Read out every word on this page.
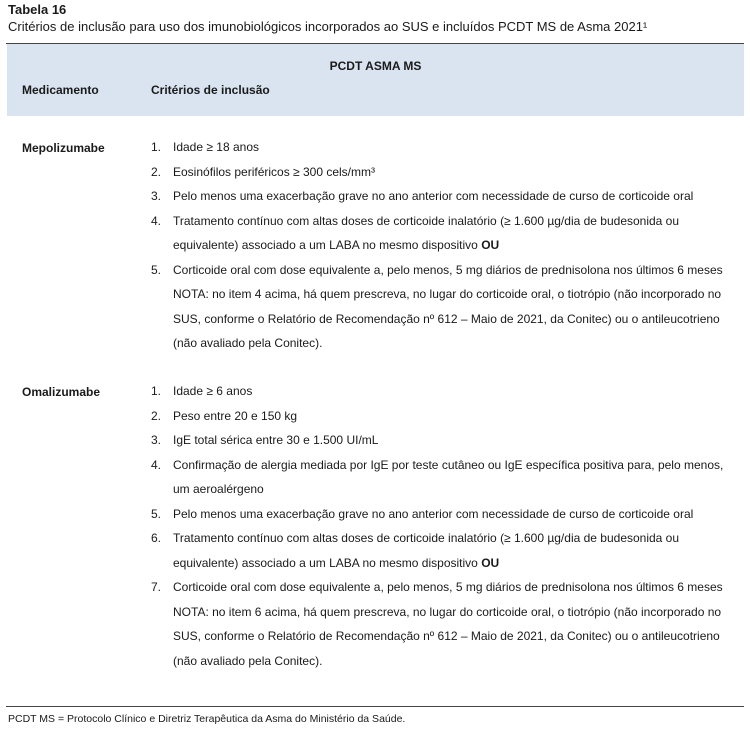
Tabela 16
Critérios de inclusão para uso dos imunobiológicos incorporados ao SUS e incluídos PCDT MS de Asma 2021¹
PCDT ASMA MS
Medicamento	Critérios de inclusão
Mepolizumabe	1. Idade ≥ 18 anos
2. Eosinófilos periféricos ≥ 300 cels/mm³
3. Pelo menos uma exacerbação grave no ano anterior com necessidade de curso de corticoide oral
4. Tratamento contínuo com altas doses de corticoide inalatório (≥ 1.600 µg/dia de budesonida ou
equivalente) associado a um LABA no mesmo dispositivo OU
5. Corticoide oral com dose equivalente a, pelo menos, 5 mg diários de prednisolona nos últimos 6 meses
NOTA: no item 4 acima, há quem prescreva, no lugar do corticoide oral, o tiotrópio (não incorporado no
SUS, conforme o Relatório de Recomendação nº 612 – Maio de 2021, da Conitec) ou o antileucotrieno
(não avaliado pela Conitec).
Omalizumabe	1. Idade ≥ 6 anos
2. Peso entre 20 e 150 kg
3. IgE total sérica entre 30 e 1.500 UI/mL
4. Confirmação de alergia mediada por IgE por teste cutâneo ou IgE específica positiva para, pelo menos,
um aeroalérgeno
5. Pelo menos uma exacerbação grave no ano anterior com necessidade de curso de corticoide oral
6. Tratamento contínuo com altas doses de corticoide inalatório (≥ 1.600 µg/dia de budesonida ou
equivalente) associado a um LABA no mesmo dispositivo OU
7. Corticoide oral com dose equivalente a, pelo menos, 5 mg diários de prednisolona nos últimos 6 meses
NOTA: no item 6 acima, há quem prescreva, no lugar do corticoide oral, o tiotrópio (não incorporado no
SUS, conforme o Relatório de Recomendação nº 612 – Maio de 2021, da Conitec) ou o antileucotrieno
(não avaliado pela Conitec).
PCDT MS = Protocolo Clínico e Diretriz Terapêutica da Asma do Ministério da Saúde.
